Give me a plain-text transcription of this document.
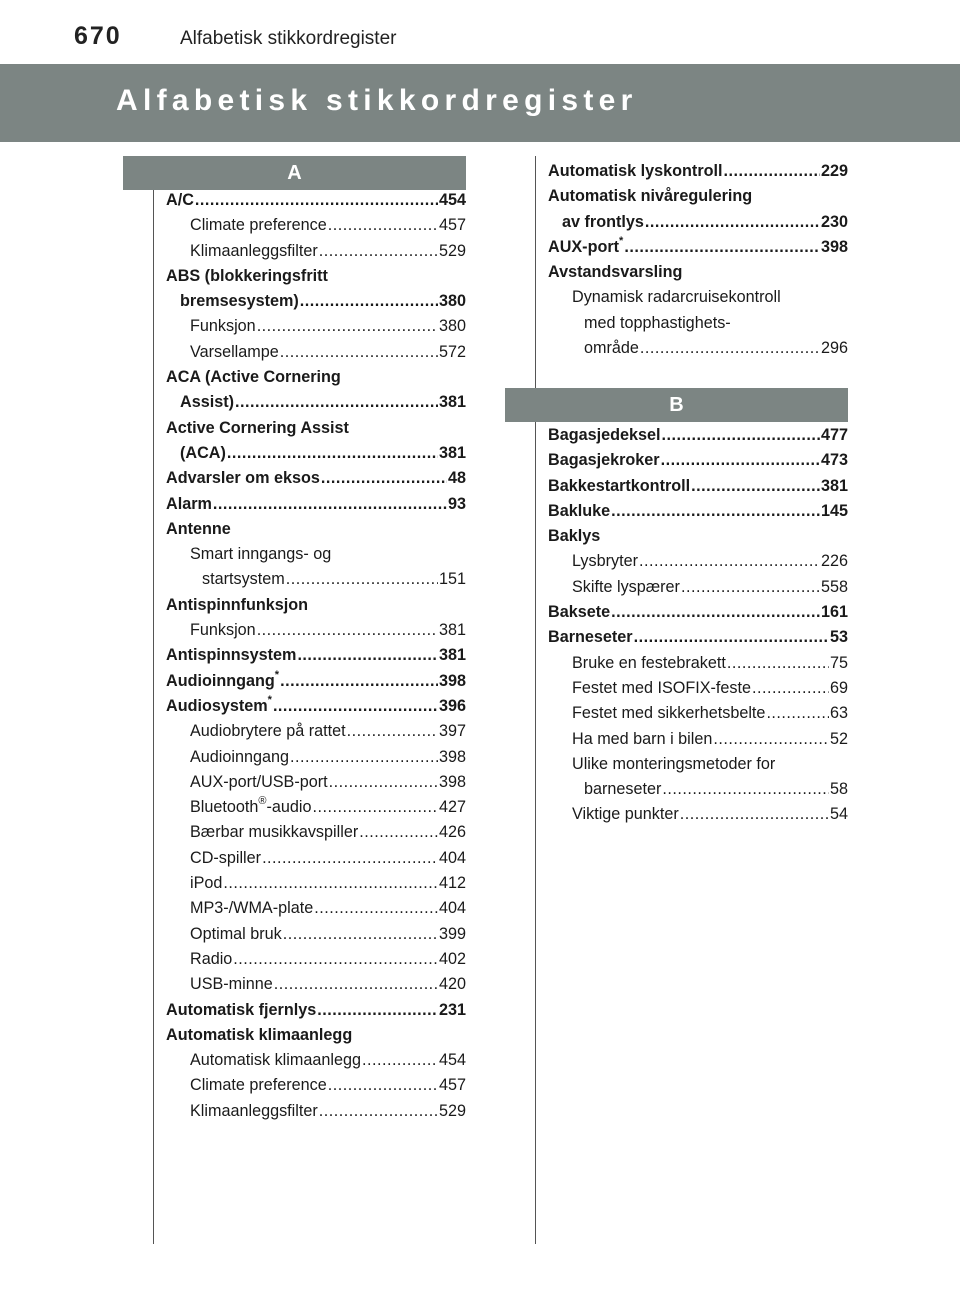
670	Alfabetisk stikkordregister
Alfabetisk stikkordregister
A
B
A/C .....	454
Climate preference .....	457
Klimaanleggsfilter .....	529
ABS (blokkeringsfritt
bremsesystem) .....	380
Funksjon .....	380
Varsellampe .....	572
ACA (Active Cornering
Assist) .....	381
Active Cornering Assist
(ACA) .....	381
Advarsler om eksos .....	48
Alarm .....	93
Antenne
Smart inngangs- og
startsystem .....	151
Antispinnfunksjon
Funksjon .....	381
Antispinnsystem .....	381
Audioinngang* .....	398
Audiosystem* .....	396
Audiobrytere på rattet .....	397
Audioinngang .....	398
AUX-port/USB-port .....	398
Bluetooth®-audio .....	427
Bærbar musikkavspiller .....	426
CD-spiller .....	404
iPod .....	412
MP3-/WMA-plate .....	404
Optimal bruk .....	399
Radio .....	402
USB-minne .....	420
Automatisk fjernlys .....	231
Automatisk klimaanlegg
Automatisk klimaanlegg .....	454
Climate preference .....	457
Klimaanleggsfilter .....	529
Automatisk lyskontroll .....	229
Automatisk nivåregulering
av frontlys .....	230
AUX-port* .....	398
Avstandsvarsling
Dynamisk radarcruisekontroll
med topphastighets-
område .....	296
Bagasjedeksel .....	477
Bagasjekroker .....	473
Bakkestartkontroll .....	381
Bakluke .....	145
Baklys
Lysbryter .....	226
Skifte lyspærer .....	558
Baksete .....	161
Barneseter .....	53
Bruke en festebrakett .....	75
Festet med ISOFIX-feste .....	69
Festet med sikkerhetsbelte .....	63
Ha med barn i bilen .....	52
Ulike monteringsmetoder for
barneseter .....	58
Viktige punkter .....	54
